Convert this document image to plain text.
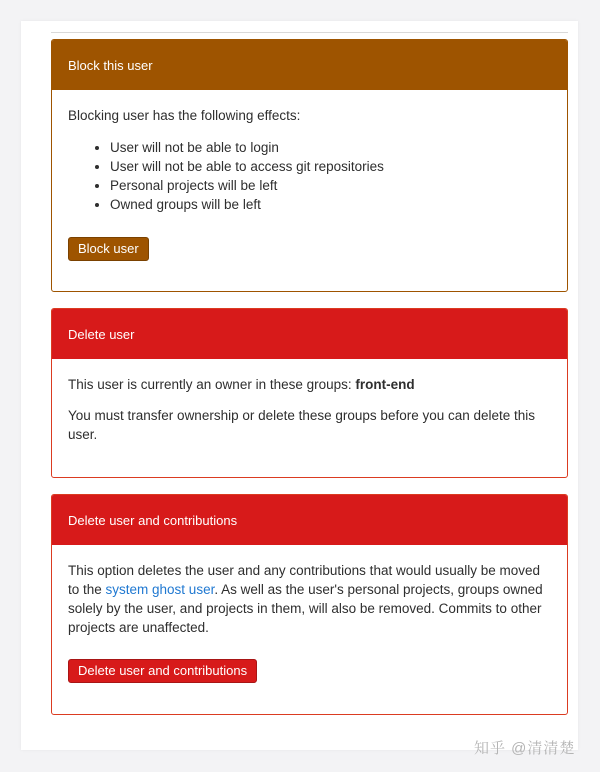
Block this user

Blocking user has the following effects:

• User will not be able to login
• User will not be able to access git repositories
• Personal projects will be left
• Owned groups will be left
Block user
Delete user

This user is currently an owner in these groups: front-end

You must transfer ownership or delete these groups before you can delete this user.

Delete user and contributions

This option deletes the user and any contributions that would usually be moved to the system ghost user. As well as the user's personal projects, groups owned solely by the user, and projects in them, will also be removed. Commits to other projects are unaffected.

Delete user and contributions
知乎 @清清楚
